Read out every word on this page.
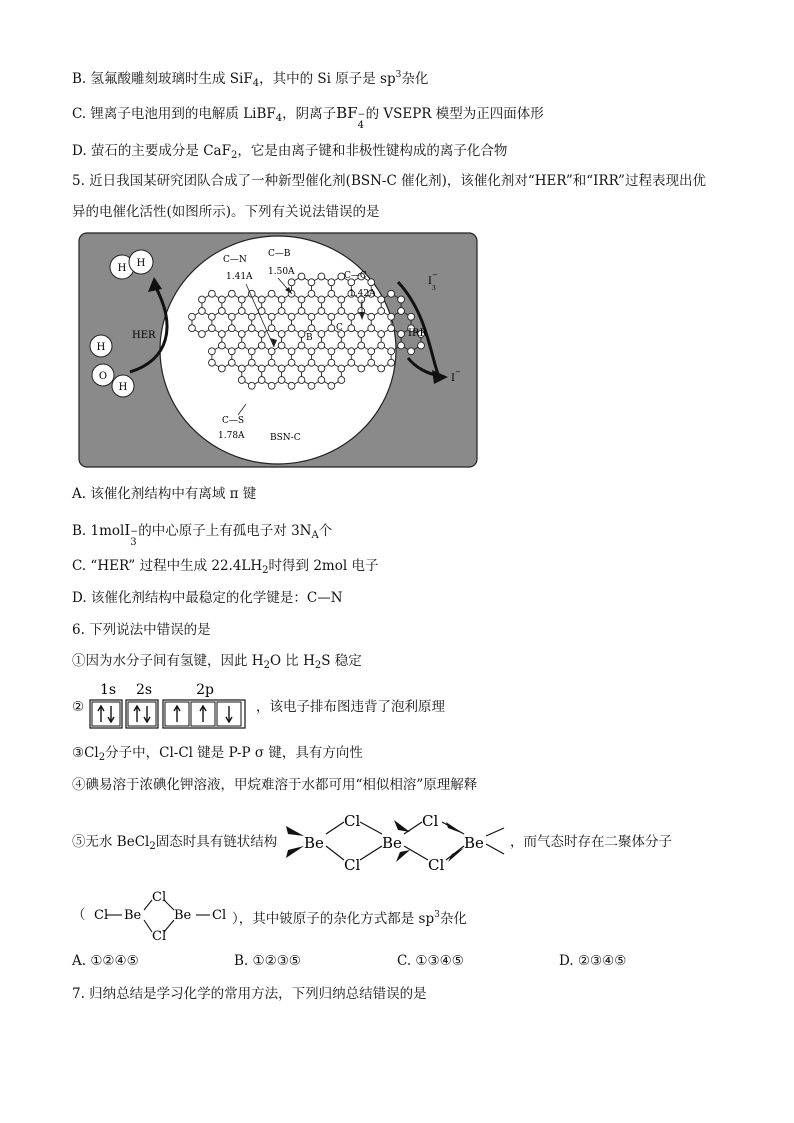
B. 氢氟酸雕刻玻璃时生成 SiF$_4$，其中的 Si 原子是 $sp^3$杂化
C. 锂离子电池用到的电解质 LiBF$_4$，阴离子BF −
4
的 VSEPR 模型为正四面体形
D. 萤石的主要成分是 CaF$_2$，它是由离子键和非极性键构成的离子化合物
5. 近日我国某研究团队合成了一种新型催化剂(BSN-C 催化剂)，该催化剂对“HER”和“IRR”过程表现出优
异的电催化活性(如图所示)。下列有关说法错误的是
H H
H
O
H
HER	IRR
I
3
−
I
−
C—N
1.41A
C—B
1.50A	C—C
1.42A
C—S
1.78A
B
C
BSN-C
A. 该催化剂结构中有离域 π 键
B. 1molI −
3
的中心原子上有孤电子对 $3N_A$个
C. “HER” 过程中生成 $22.4LH_2$时得到 2mol 电子
D. 该催化剂结构中最稳定的化学键是：C—N
6. 下列说法中错误的是
①因为水分子间有氢键，因此 $H_2O$ 比 $H_2S$ 稳定
②
1s 2s	2p
，该电子排布图违背了泡利原理
$③Cl_2$分子中，Cl-Cl 键是 P-P σ 键，具有方向性
④碘易溶于浓碘化钾溶液，甲烷难溶于水都可用“相似相溶”原理解释
⑤无水 BeCl$_2$固态时具有链状结构 Be	Be	Be
Cl
Cl
Cl
Cl
，而气态时存在二聚体分子
（ Cl Be
Cl
Cl
Be Cl ），其中铍原子的杂化方式都是 $sp^3$杂化
A. ①②④⑤	B. ①②③⑤	C. ①③④⑤	D. ②③④⑤
7. 归纳总结是学习化学的常用方法，下列归纳总结错误的是
